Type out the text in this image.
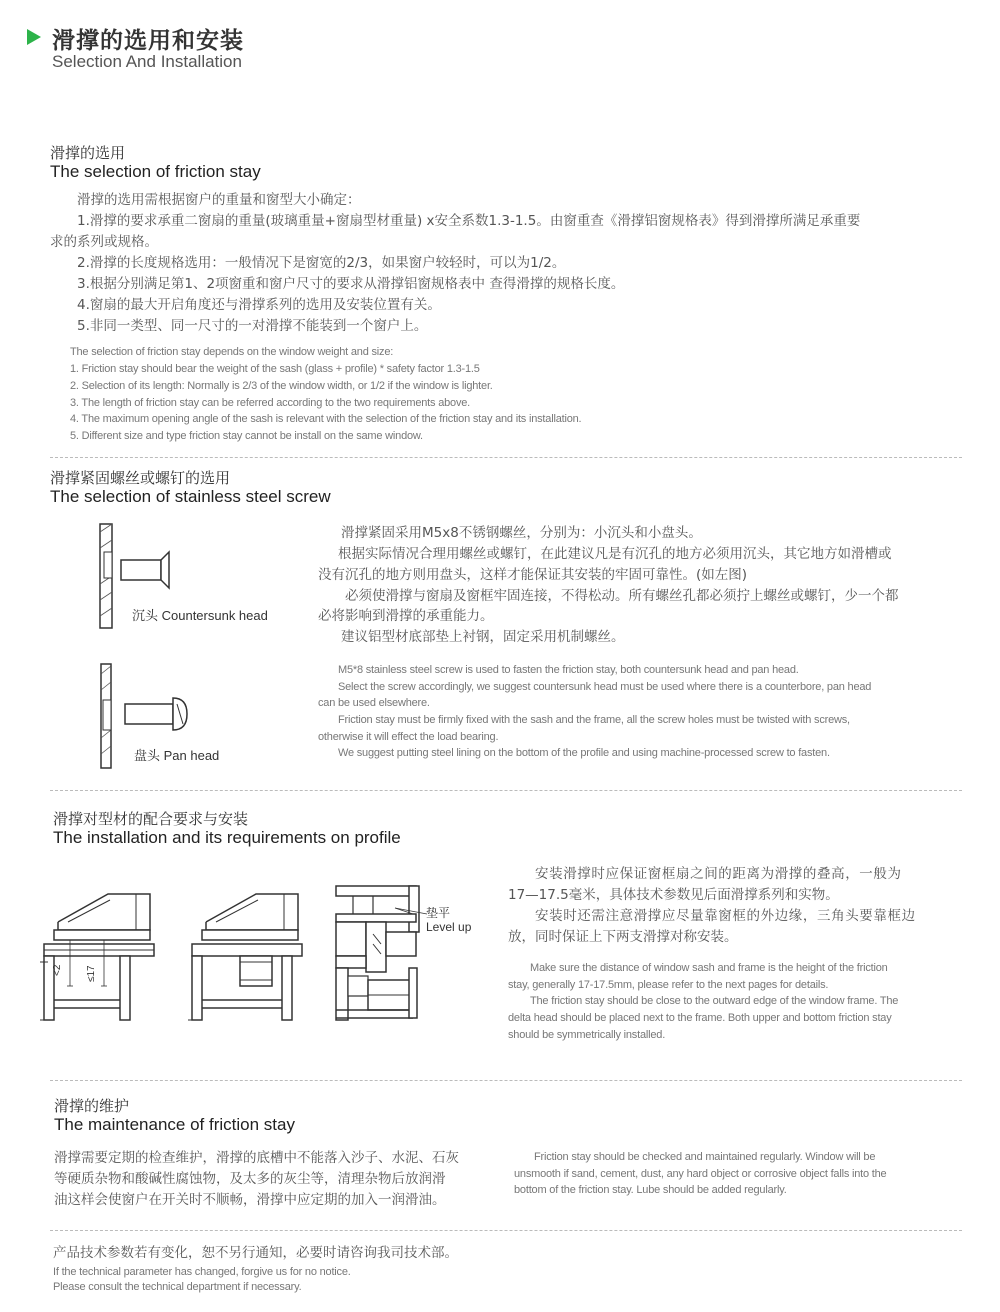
滑撑的选用和安装
Selection And Installation
滑撑的选用
The selection of friction stay
滑撑的选用需根据窗户的重量和窗型大小确定：
1.滑撑的要求承重二窗扇的重量(玻璃重量+窗扇型材重量) x安全系数1.3-1.5。由窗重查《滑撑铝窗规格表》得到滑撑所满足承重要
求的系列或规格。
2.滑撑的长度规格选用：一般情况下是窗宽的2/3，如果窗户较轻时，可以为1/2。
3.根据分别满足第1、2项窗重和窗户尺寸的要求从滑撑铝窗规格表中 查得滑撑的规格长度。
4.窗扇的最大开启角度还与滑撑系列的选用及安装位置有关。
5.非同一类型、同一尺寸的一对滑撑不能装到一个窗户上。
The selection of friction stay depends on the window weight and size:
1. Friction stay should bear the weight of the sash (glass + profile) * safety factor 1.3-1.5
2. Selection of its length: Normally is 2/3 of the window width, or 1/2 if the window is lighter.
3. The length of friction stay can be referred according to the two requirements above.
4. The maximum opening angle of the sash is relevant with the selection of the friction stay and its installation.
5. Different size and type friction stay cannot be install on the same window.
滑撑紧固螺丝或螺钉的选用
The selection of stainless steel screw
沉头 Countersunk head
盘头 Pan head
滑撑紧固采用M5x8不锈钢螺丝，分别为：小沉头和小盘头。
根据实际情况合理用螺丝或螺钉，在此建议凡是有沉孔的地方必须用沉头，其它地方如滑槽或
没有沉孔的地方则用盘头，这样才能保证其安装的牢固可靠性。(如左图)
必须使滑撑与窗扇及窗框牢固连接，不得松动。所有螺丝孔都必须拧上螺丝或螺钉，少一个都
必将影响到滑撑的承重能力。
建议铝型材底部垫上衬钢，固定采用机制螺丝。
M5*8 stainless steel screw is used to fasten the friction stay, both countersunk head and pan head.
Select the screw accordingly, we suggest countersunk head must be used where there is a counterbore, pan head
can be used elsewhere.
Friction stay must be firmly fixed with the sash and the frame, all the screw holes must be twisted with screws,
otherwise it will effect the load bearing.
We suggest putting steel lining on the bottom of the profile and using machine-processed screw to fasten.
滑撑对型材的配合要求与安装
The installation and its requirements on profile
<2 ≤17
垫平
Level up
安装滑撑时应保证窗框扇之间的距离为滑撑的叠高，一般为
17—17.5毫米，具体技术参数见后面滑撑系列和实物。
安装时还需注意滑撑应尽量靠窗框的外边缘，三角头要靠框边
放，同时保证上下两支滑撑对称安装。
Make sure the distance of window sash and frame is the height of the friction
stay, generally 17-17.5mm, please refer to the next pages for details.
The friction stay should be close to the outward edge of the window frame. The
delta head should be placed next to the frame. Both upper and bottom friction stay
should be symmetrically installed.
滑撑的维护
The maintenance of friction stay
滑撑需要定期的检查维护，滑撑的底槽中不能落入沙子、水泥、石灰
等硬质杂物和酸碱性腐蚀物，及太多的灰尘等，清理杂物后放润滑
油这样会使窗户在开关时不顺畅，滑撑中应定期的加入一润滑油。
Friction stay should be checked and maintained regularly. Window will be
unsmooth if sand, cement, dust, any hard object or corrosive object falls into the
bottom of the friction stay. Lube should be added regularly.
产品技术参数若有变化，恕不另行通知，必要时请咨询我司技术部。
If the technical parameter has changed, forgive us for no notice.
Please consult the technical department if necessary.
